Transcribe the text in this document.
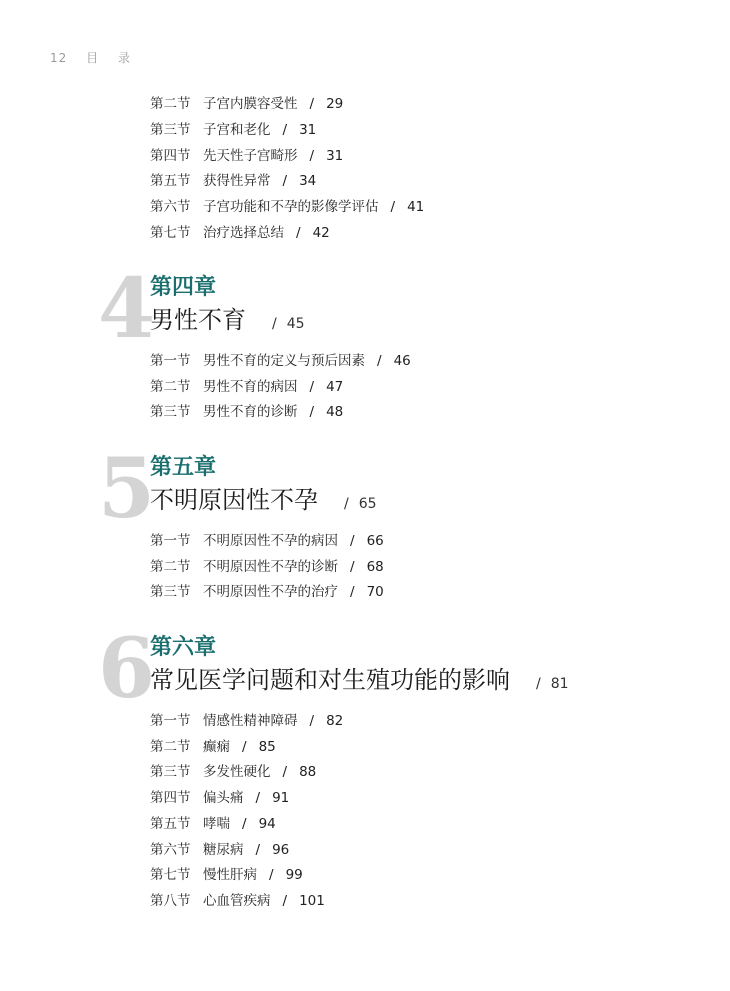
12 目 录
第二节 子宫内膜容受性 / 29
第三节 子宫和老化 / 31
第四节 先天性子宫畸形 / 31
第五节 获得性异常 / 34
第六节 子宫功能和不孕的影像学评估 / 41
第七节 治疗选择总结 / 42
4
第四章
男性不育 / 45
第一节 男性不育的定义与预后因素 / 46
第二节 男性不育的病因 / 47
第三节 男性不育的诊断 / 48
5
第五章
不明原因性不孕 / 65
第一节 不明原因性不孕的病因 / 66
第二节 不明原因性不孕的诊断 / 68
第三节 不明原因性不孕的治疗 / 70
6
第六章
常见医学问题和对生殖功能的影响 / 81
第一节 情感性精神障碍 / 82
第二节 癫痫 / 85
第三节 多发性硬化 / 88
第四节 偏头痛 / 91
第五节 哮喘 / 94
第六节 糖尿病 / 96
第七节 慢性肝病 / 99
第八节 心血管疾病 / 101
